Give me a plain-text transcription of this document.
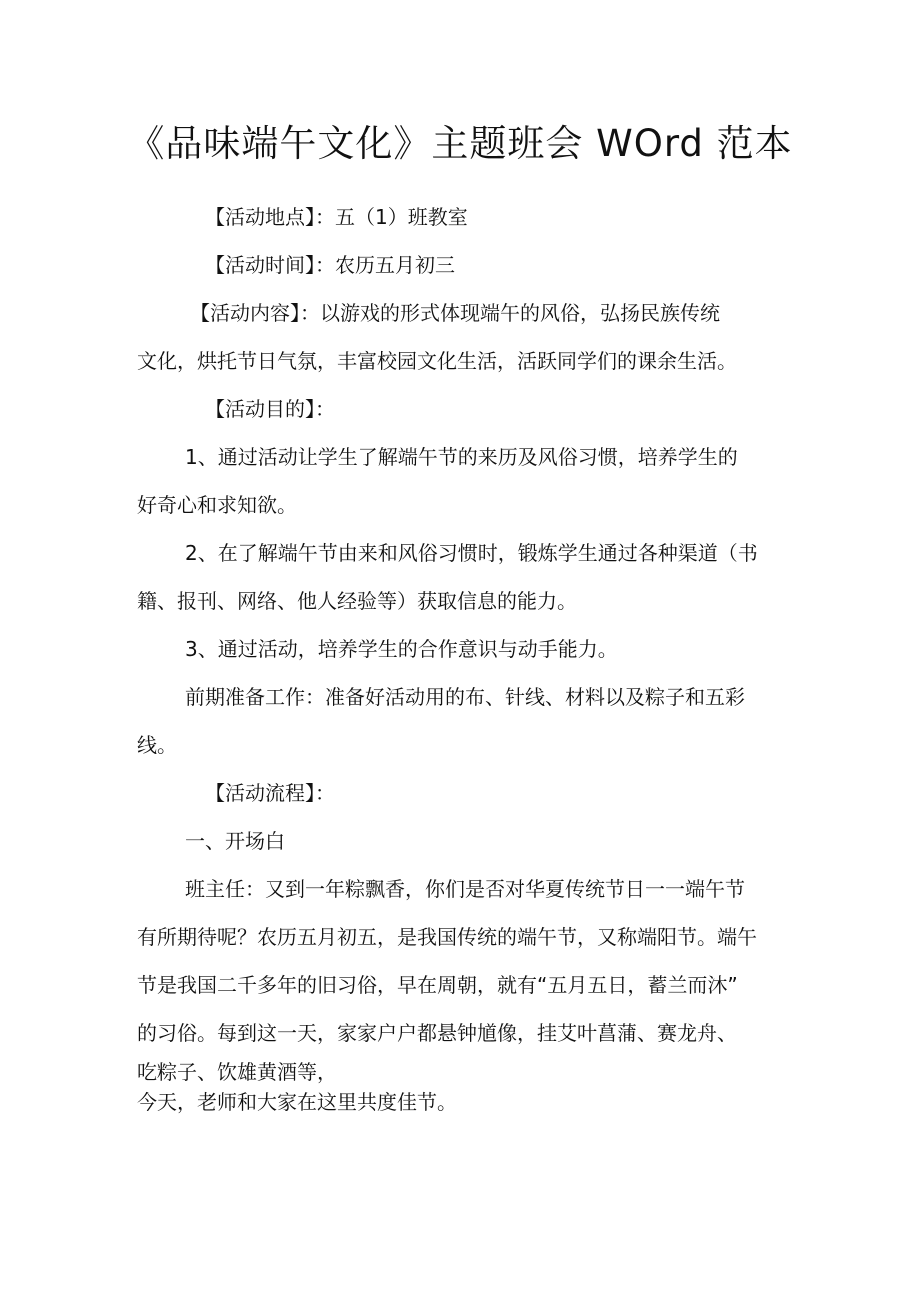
《品味端午文化》主题班会 WOrd 范本

【活动地点】：五（1）班教室

【活动时间】：农历五月初三

【活动内容】：以游戏的形式体现端午的风俗，弘扬民族传统

文化，烘托节日气氛，丰富校园文化生活，活跃同学们的课余生活。

【活动目的】：

1、通过活动让学生了解端午节的来历及风俗习惯，培养学生的

好奇心和求知欲。

2、在了解端午节由来和风俗习惯时，锻炼学生通过各种渠道（书

籍、报刊、网络、他人经验等）获取信息的能力。

3、通过活动，培养学生的合作意识与动手能力。

前期准备工作：准备好活动用的布、针线、材料以及粽子和五彩

线。

【活动流程】：

一、开场白

班主任：又到一年粽飘香，你们是否对华夏传统节日一一端午节

有所期待呢？农历五月初五，是我国传统的端午节，又称端阳节。端午

节是我国二千多年的旧习俗，早在周朝，就有“五月五日，蓄兰而沐”

的习俗。每到这一天，家家户户都悬钟馗像，挂艾叶菖蒲、赛龙舟、

吃粽子、饮雄黄酒等，

今天，老师和大家在这里共度佳节。
